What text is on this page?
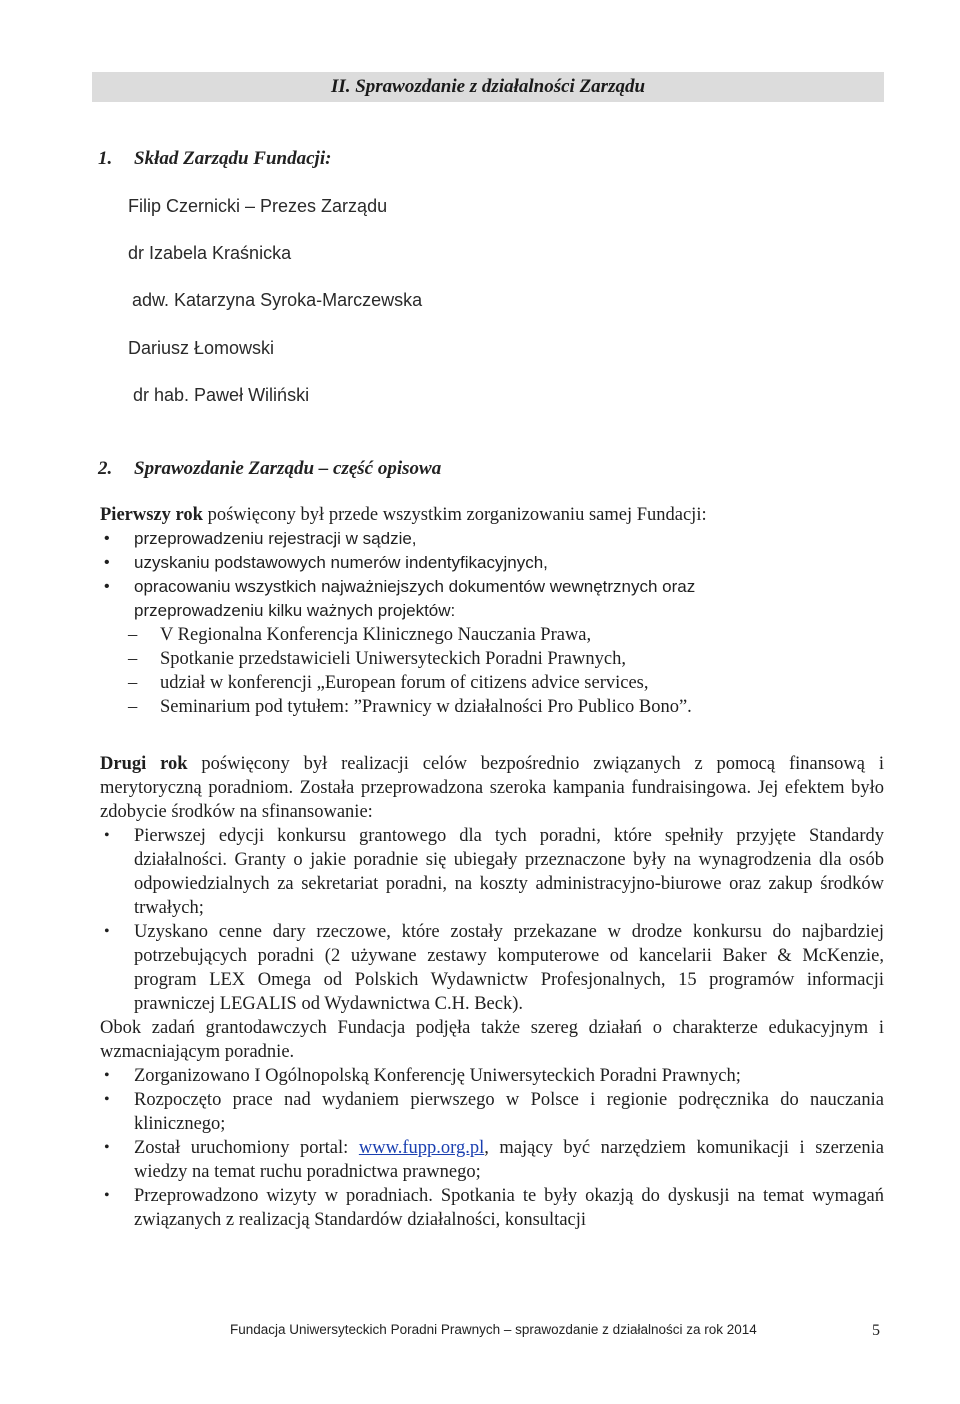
II. Sprawozdanie z działalności Zarządu
1. Skład Zarządu Fundacji:
Filip Czernicki – Prezes Zarządu
dr Izabela Kraśnicka
adw. Katarzyna Syroka-Marczewska
Dariusz Łomowski
dr hab. Paweł Wiliński
2. Sprawozdanie Zarządu – część opisowa
Pierwszy rok poświęcony był przede wszystkim zorganizowaniu samej Fundacji:
• przeprowadzeniu rejestracji w sądzie,
• uzyskaniu podstawowych numerów indentyfikacyjnych,
• opracowaniu wszystkich najważniejszych dokumentów wewnętrznych oraz przeprowadzeniu kilku ważnych projektów:
– V Regionalna Konferencja Klinicznego Nauczania Prawa,
– Spotkanie przedstawicieli Uniwersyteckich Poradni Prawnych,
– udział w konferencji „European forum of citizens advice services,
– Seminarium pod tytułem: ”Prawnicy w działalności Pro Publico Bono”.
Drugi rok poświęcony był realizacji celów bezpośrednio związanych z pomocą finansową i merytoryczną poradniom. Została przeprowadzona szeroka kampania fundraisingowa. Jej efektem było zdobycie środków na sfinansowanie:
• Pierwszej edycji konkursu grantowego dla tych poradni, które spełniły przyjęte Standardy działalności. Granty o jakie poradnie się ubiegały przeznaczone były na wynagrodzenia dla osób odpowiedzialnych za sekretariat poradni, na koszty administracyjno-biurowe oraz zakup środków trwałych;
• Uzyskano cenne dary rzeczowe, które zostały przekazane w drodze konkursu do najbardziej potrzebujących poradni (2 używane zestawy komputerowe od kancelarii Baker & McKenzie, program LEX Omega od Polskich Wydawnictw Profesjonalnych, 15 programów informacji prawniczej LEGALIS od Wydawnictwa C.H. Beck).
Obok zadań grantodawczych Fundacja podjęła także szereg działań o charakterze edukacyjnym i wzmacniającym poradnie.
• Zorganizowano I Ogólnopolską Konferencję Uniwersyteckich Poradni Prawnych;
• Rozpoczęto prace nad wydaniem pierwszego w Polsce i regionie podręcznika do nauczania klinicznego;
• Został uruchomiony portal: www.fupp.org.pl, mający być narzędziem komunikacji i szerzenia wiedzy na temat ruchu poradnictwa prawnego;
• Przeprowadzono wizyty w poradniach. Spotkania te były okazją do dyskusji na temat wymagań związanych z realizacją Standardów działalności, konsultacji
Fundacja Uniwersyteckich Poradni Prawnych – sprawozdanie z działalności za rok 2014	5
